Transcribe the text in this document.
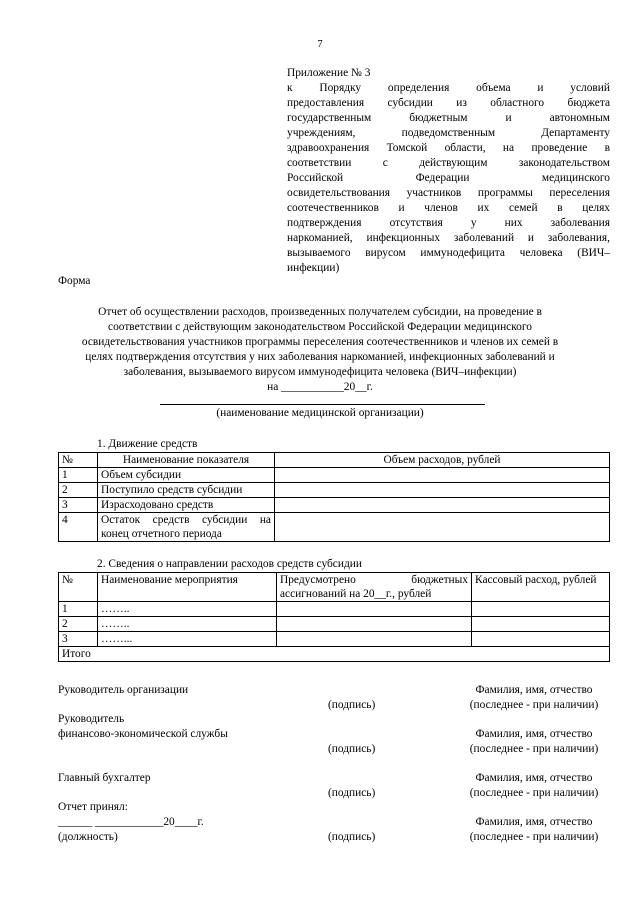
7
Приложение № 3
к Порядку определения объема и условий
предоставления субсидии из областного бюджета
государственным бюджетным и автономным
учреждениям, подведомственным Департаменту
здравоохранения Томской области, на проведение в
соответствии с действующим законодательством
Российской Федерации медицинского
освидетельствования участников программы переселения
соотечественников и членов их семей в целях
подтверждения отсутствия у них заболевания
наркоманией, инфекционных заболеваний и заболевания,
вызываемого вирусом иммунодефицита человека (ВИЧ–
инфекции)
Форма
Отчет об осуществлении расходов, произведенных получателем субсидии, на проведение в
соответствии с действующим законодательством Российской Федерации медицинского
освидетельствования участников программы переселения соотечественников и членов их семей в
целях подтверждения отсутствия у них заболевания наркоманией, инфекционных заболеваний и
заболевания, вызываемого вирусом иммунодефицита человека (ВИЧ–инфекции)
на ___________20__г.
(наименование медицинской организации)
1. Движение средств
№	Наименование показателя	Объем расходов, рублей
1	Объем субсидии	
2	Поступило средств субсидии	
3	Израсходовано средств	
4	Остаток средств субсидии на конец отчетного периода	

2. Сведения о направлении расходов средств субсидии
№	Наименование мероприятия	Предусмотрено бюджетных ассигнований на 20__г., рублей	Кассовый расход, рублей
1	……..		
2	……..		
3	……...		
Итого			
Руководитель организации
(подпись)
Фамилия, имя, отчество
(последнее - при наличии)
Руководитель
финансово-экономической службы
(подпись)
Фамилия, имя, отчество
(последнее - при наличии)
Главный бухгалтер
(подпись)
Фамилия, имя, отчество
(последнее - при наличии)
Отчет принял:
______ ____________20____г.
(должность)	(подпись)
Фамилия, имя, отчество
(последнее - при наличии)
